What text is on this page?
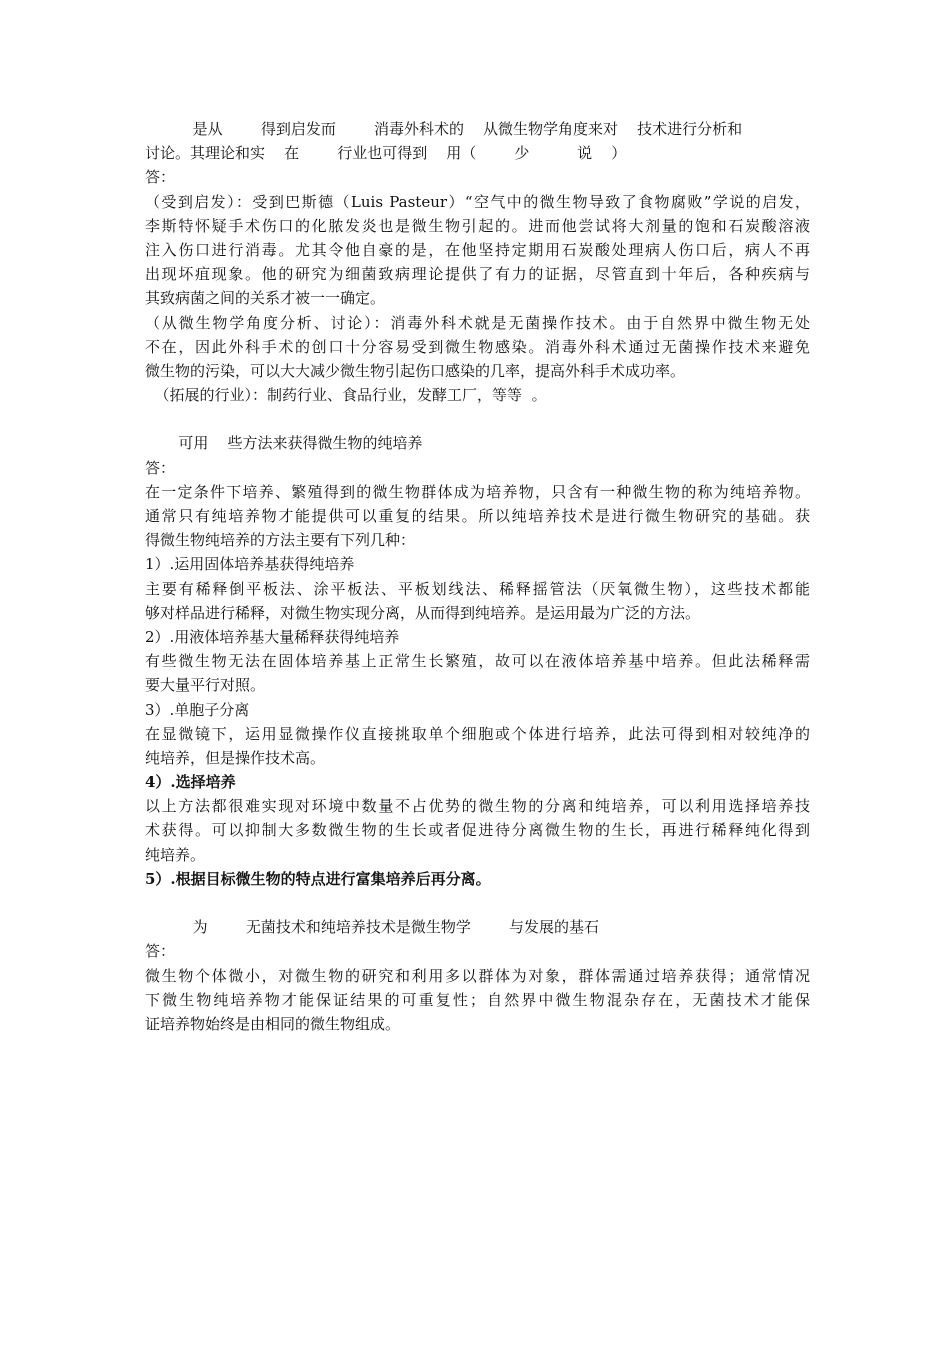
是从        得到启发而        消毒外科术的    从微生物学角度来对    技术进行分析和
讨论。其理论和实    在        行业也可得到    用（        少          说    ）
答：
（受到启发）：受到巴斯德（Luis Pasteur）“空气中的微生物导致了食物腐败”学说的启发，
李斯特怀疑手术伤口的化脓发炎也是微生物引起的。进而他尝试将大剂量的饱和石炭酸溶液
注入伤口进行消毒。尤其令他自豪的是，在他坚持定期用石炭酸处理病人伤口后，病人不再
出现坏疽现象。他的研究为细菌致病理论提供了有力的证据，尽管直到十年后，各种疾病与
其致病菌之间的关系才被一一确定。
（从微生物学角度分析、讨论）：消毒外科术就是无菌操作技术。由于自然界中微生物无处
不在，因此外科手术的创口十分容易受到微生物感染。消毒外科术通过无菌操作技术来避免
微生物的污染，可以大大减少微生物引起伤口感染的几率，提高外科手术成功率。
（拓展的行业）：制药行业、食品行业，发酵工厂，等等  。
可用    些方法来获得微生物的纯培养
答：
在一定条件下培养、繁殖得到的微生物群体成为培养物，只含有一种微生物的称为纯培养物。
通常只有纯培养物才能提供可以重复的结果。所以纯培养技术是进行微生物研究的基础。获
得微生物纯培养的方法主要有下列几种：
1）.运用固体培养基获得纯培养
主要有稀释倒平板法、涂平板法、平板划线法、稀释摇管法（厌氧微生物），这些技术都能
够对样品进行稀释，对微生物实现分离，从而得到纯培养。是运用最为广泛的方法。
2）.用液体培养基大量稀释获得纯培养
有些微生物无法在固体培养基上正常生长繁殖，故可以在液体培养基中培养。但此法稀释需
要大量平行对照。
3）.单胞子分离
在显微镜下，运用显微操作仪直接挑取单个细胞或个体进行培养，此法可得到相对较纯净的
纯培养，但是操作技术高。
4）.选择培养
以上方法都很难实现对环境中数量不占优势的微生物的分离和纯培养，可以利用选择培养技
术获得。可以抑制大多数微生物的生长或者促进待分离微生物的生长，再进行稀释纯化得到
纯培养。
5）.根据目标微生物的特点进行富集培养后再分离。
为        无菌技术和纯培养技术是微生物学        与发展的基石
答：
微生物个体微小，对微生物的研究和利用多以群体为对象，群体需通过培养获得；通常情况
下微生物纯培养物才能保证结果的可重复性；自然界中微生物混杂存在，无菌技术才能保
证培养物始终是由相同的微生物组成。
